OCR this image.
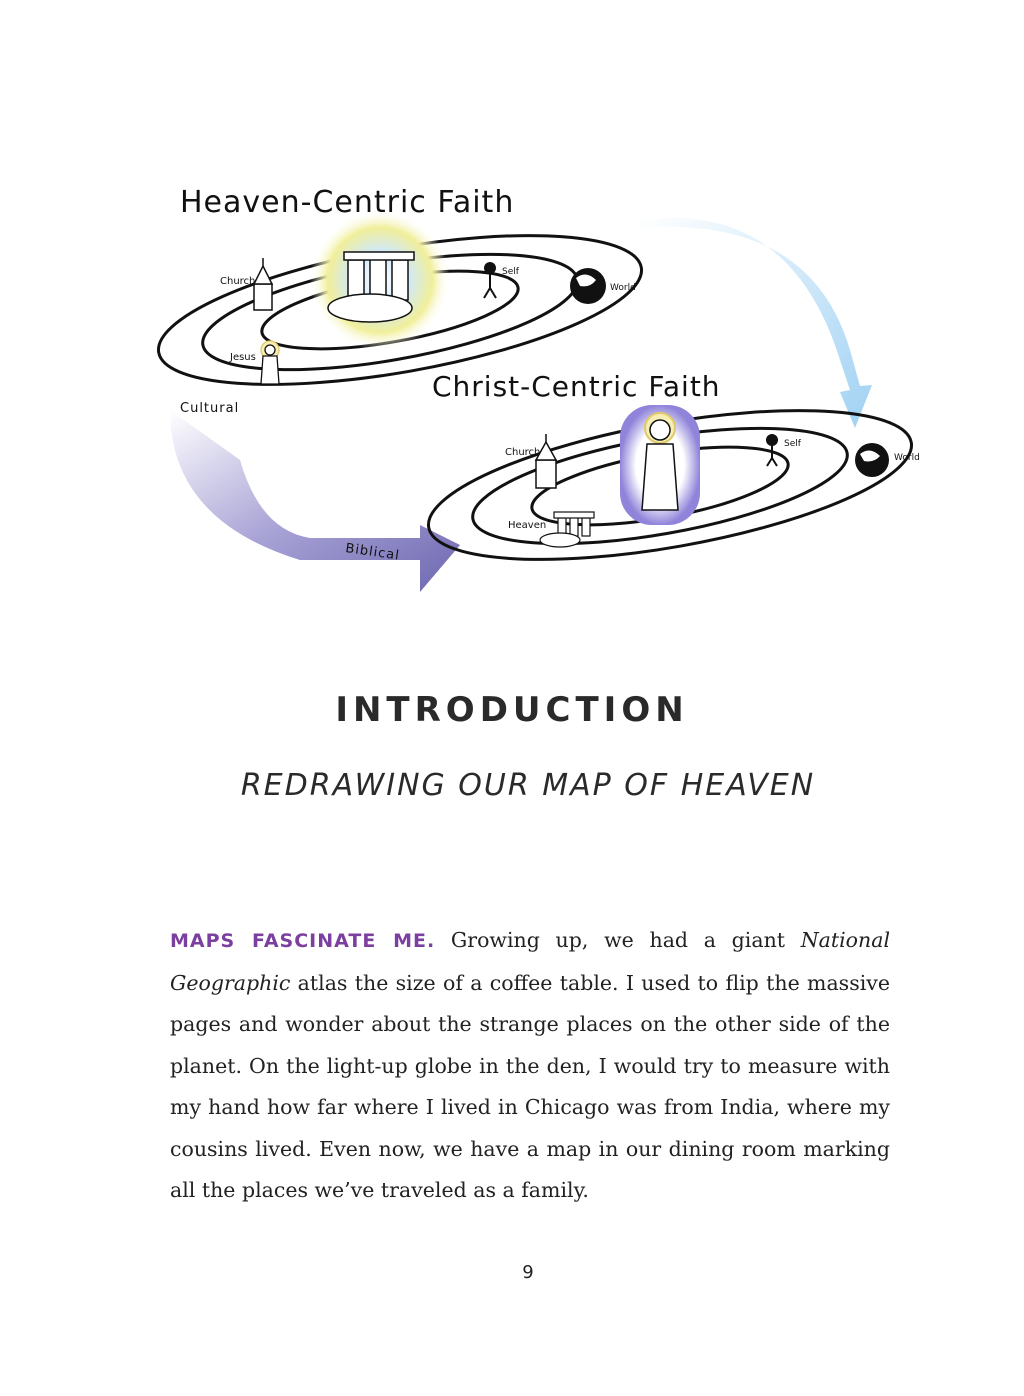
Church
Jesus
Self
World
Heaven-Centric Faith
Church
Heaven
Self
World
Christ-Centric Faith
Cultural
Biblical
INTRODUCTION
REDRAWING OUR MAP OF HEAVEN
MAPS FASCINATE ME. Growing up, we had a giant National Geographic atlas the size of a coffee table. I used to flip the massive pages and wonder about the strange places on the other side of the planet. On the light-up globe in the den, I would try to measure with my hand how far where I lived in Chicago was from India, where my cousins lived. Even now, we have a map in our dining room marking all the places we’ve traveled as a family.
9
